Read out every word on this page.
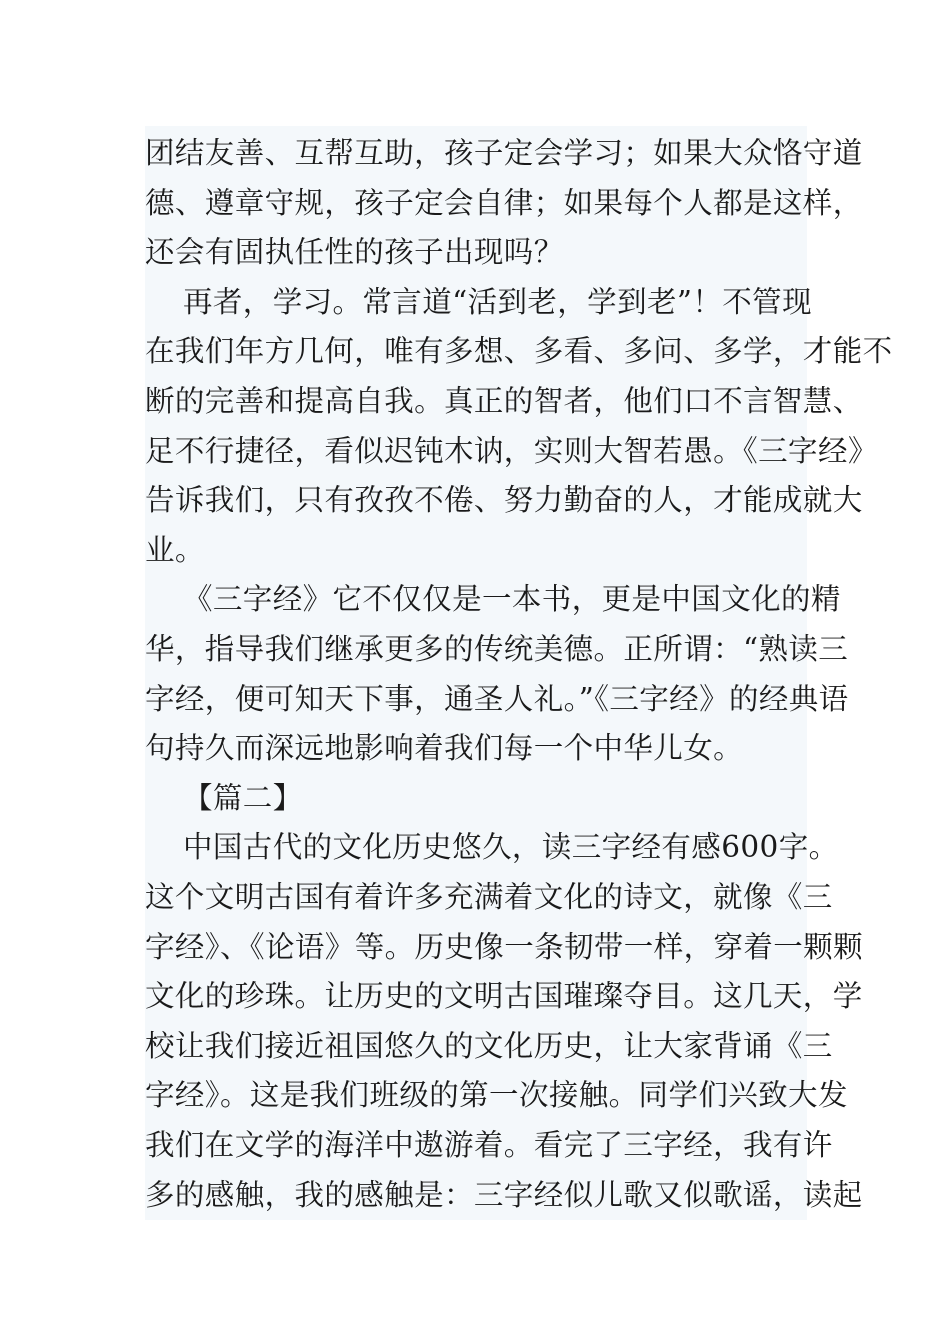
团结友善、互帮互助，孩子定会学习；如果大众恪守道
德、遵章守规，孩子定会自律；如果每个人都是这样，
还会有固执任性的孩子出现吗？
再者，学习。常言道“活到老，学到老”！不管现
在我们年方几何，唯有多想、多看、多问、多学，才能不
断的完善和提高自我。真正的智者，他们口不言智慧、
足不行捷径，看似迟钝木讷，实则大智若愚。《三字经》
告诉我们，只有孜孜不倦、努力勤奋的人，才能成就大
业。
《三字经》它不仅仅是一本书，更是中国文化的精
华，指导我们继承更多的传统美德。正所谓：“熟读三
字经，便可知天下事，通圣人礼。”《三字经》的经典语
句持久而深远地影响着我们每一个中华儿女。
【篇二】
中国古代的文化历史悠久，读三字经有感600字。
这个文明古国有着许多充满着文化的诗文，就像《三
字经》、《论语》等。历史像一条韧带一样，穿着一颗颗
文化的珍珠。让历史的文明古国璀璨夺目。这几天，学
校让我们接近祖国悠久的文化历史，让大家背诵《三
字经》。这是我们班级的第一次接触。同学们兴致大发
我们在文学的海洋中遨游着。看完了三字经，我有许
多的感触，我的感触是：三字经似儿歌又似歌谣，读起
